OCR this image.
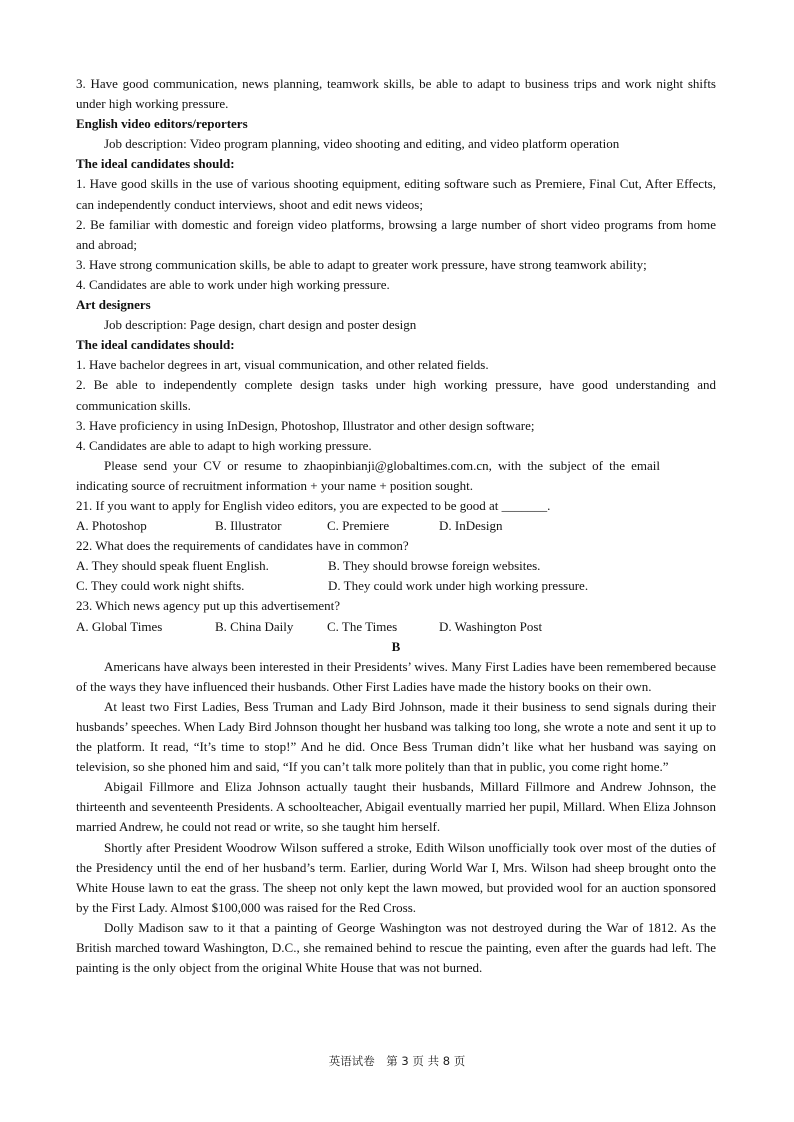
3. Have good communication, news planning, teamwork skills, be able to adapt to business trips and work night shifts under high working pressure.
English video editors/reporters
Job description: Video program planning, video shooting and editing, and video platform operation
The ideal candidates should:
1. Have good skills in the use of various shooting equipment, editing software such as Premiere, Final Cut, After Effects, can independently conduct interviews, shoot and edit news videos;
2. Be familiar with domestic and foreign video platforms, browsing a large number of short video programs from home and abroad;
3. Have strong communication skills, be able to adapt to greater work pressure, have strong teamwork ability;
4. Candidates are able to work under high working pressure.
Art designers
Job description: Page design, chart design and poster design
The ideal candidates should:
1. Have bachelor degrees in art, visual communication, and other related fields.
2. Be able to independently complete design tasks under high working pressure, have good understanding and communication skills.
3. Have proficiency in using InDesign, Photoshop, Illustrator and other design software;
4. Candidates are able to adapt to high working pressure.
Please send your CV or resume to zhaopinbianji@globaltimes.com.cn, with the subject of the email indicating source of recruitment information + your name + position sought.
21. If you want to apply for English video editors, you are expected to be good at _______.
A. Photoshop	B. Illustrator	C. Premiere	D. InDesign
22. What does the requirements of candidates have in common?
A. They should speak fluent English.	B. They should browse foreign websites.
C. They could work night shifts.	D. They could work under high working pressure.
23. Which news agency put up this advertisement?
A. Global Times	B. China Daily	C. The Times	D. Washington Post
B
Americans have always been interested in their Presidents’ wives. Many First Ladies have been remembered because of the ways they have influenced their husbands. Other First Ladies have made the history books on their own.
At least two First Ladies, Bess Truman and Lady Bird Johnson, made it their business to send signals during their husbands’ speeches. When Lady Bird Johnson thought her husband was talking too long, she wrote a note and sent it up to the platform. It read, “It’s time to stop!” And he did. Once Bess Truman didn’t like what her husband was saying on television, so she phoned him and said, “If you can’t talk more politely than that in public, you come right home.”
Abigail Fillmore and Eliza Johnson actually taught their husbands, Millard Fillmore and Andrew Johnson, the thirteenth and seventeenth Presidents. A schoolteacher, Abigail eventually married her pupil, Millard. When Eliza Johnson married Andrew, he could not read or write, so she taught him herself.
Shortly after President Woodrow Wilson suffered a stroke, Edith Wilson unofficially took over most of the duties of the Presidency until the end of her husband’s term. Earlier, during World War I, Mrs. Wilson had sheep brought onto the White House lawn to eat the grass. The sheep not only kept the lawn mowed, but provided wool for an auction sponsored by the First Lady. Almost $100,000 was raised for the Red Cross.
Dolly Madison saw to it that a painting of George Washington was not destroyed during the War of 1812. As the British marched toward Washington, D.C., she remained behind to rescue the painting, even after the guards had left. The painting is the only object from the original White House that was not burned.
英语试卷　第 3 页 共 8 页
